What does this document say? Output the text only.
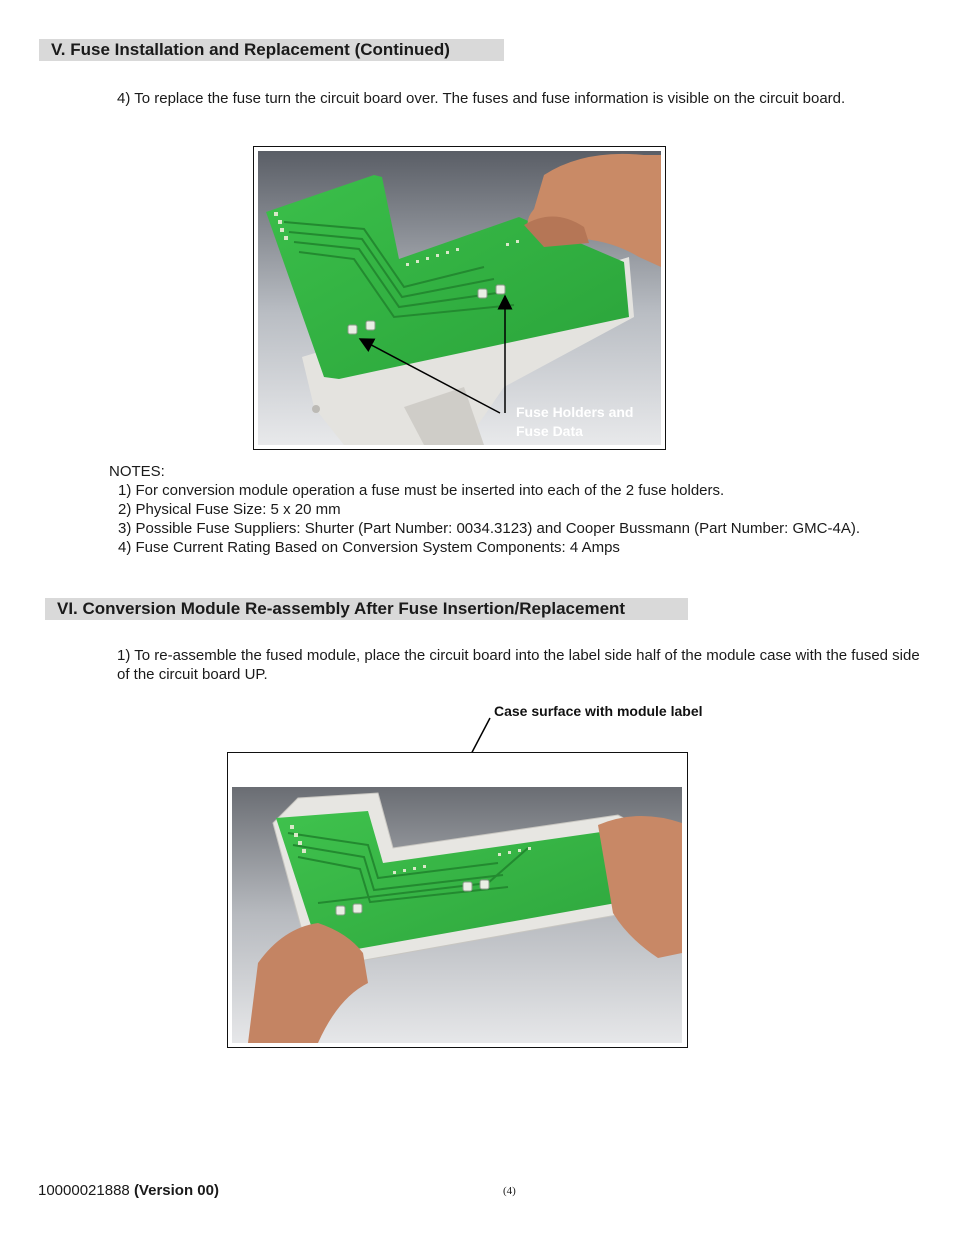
V. Fuse Installation and Replacement (Continued)
4) To replace the fuse turn the circuit board over. The fuses and fuse information is visible on the circuit board.
Fuse Holders and
Fuse Data
NOTES:
1) For conversion module operation a fuse must be inserted into each of the 2 fuse holders.
2) Physical Fuse Size: 5 x 20 mm
3) Possible Fuse Suppliers: Shurter (Part Number: 0034.3123) and Cooper Bussmann (Part Number: GMC-4A).
4) Fuse Current Rating Based on Conversion System Components: 4 Amps
VI. Conversion Module Re-assembly After Fuse Insertion/Replacement
1) To re-assemble the fused module, place the circuit board into the label side half of the module case with the fused side of the circuit board UP.
Case surface with module label
10000021888 (Version 00)	(4)
